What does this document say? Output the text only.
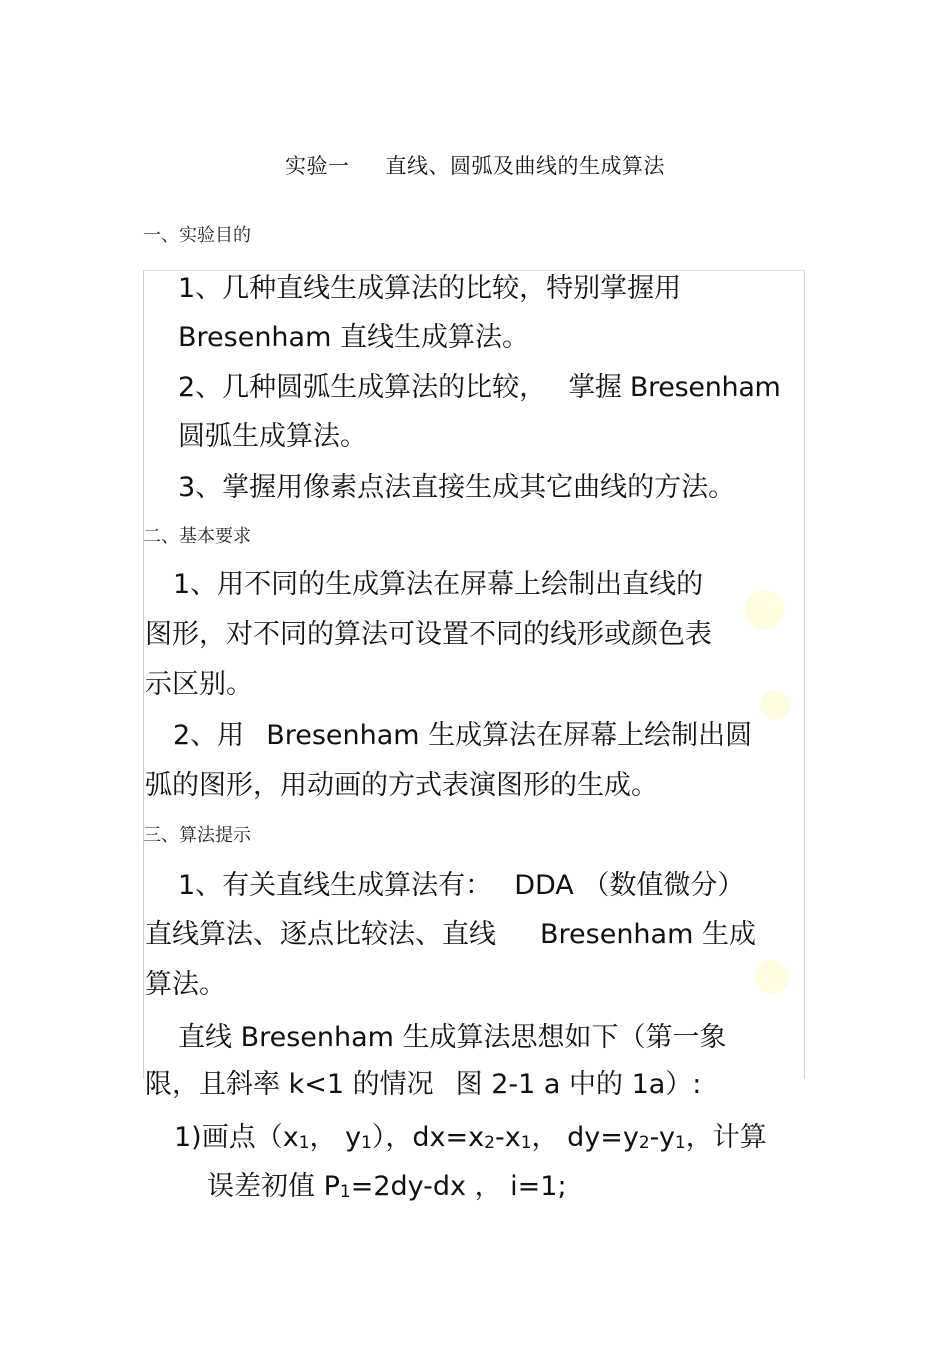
实验一 直线、圆弧及曲线的生成算法
一、实验目的
1、几种直线生成算法的比较，特别掌握用
Bresenham 直线生成算法。
2、几种圆弧生成算法的比较， 掌握 Bresenham
圆弧生成算法。
3、掌握用像素点法直接生成其它曲线的方法。
二、基本要求
1、用不同的生成算法在屏幕上绘制出直线的
图形，对不同的算法可设置不同的线形或颜色表
示区别。
2、用 Bresenham 生成算法在屏幕上绘制出圆
弧的图形，用动画的方式表演图形的生成。
三、算法提示
1、有关直线生成算法有： DDA （数值微分）
直线算法、逐点比较法、直线 Bresenham 生成
算法。
直线 Bresenham 生成算法思想如下（第一象
限，且斜率 k<1 的情况 图 2-1 a 中的 1a）:
1)画点（x1， y1），dx=x2-x1， dy=y2-y1，计算
误差初值 P1=2dy-dx ， i=1;
